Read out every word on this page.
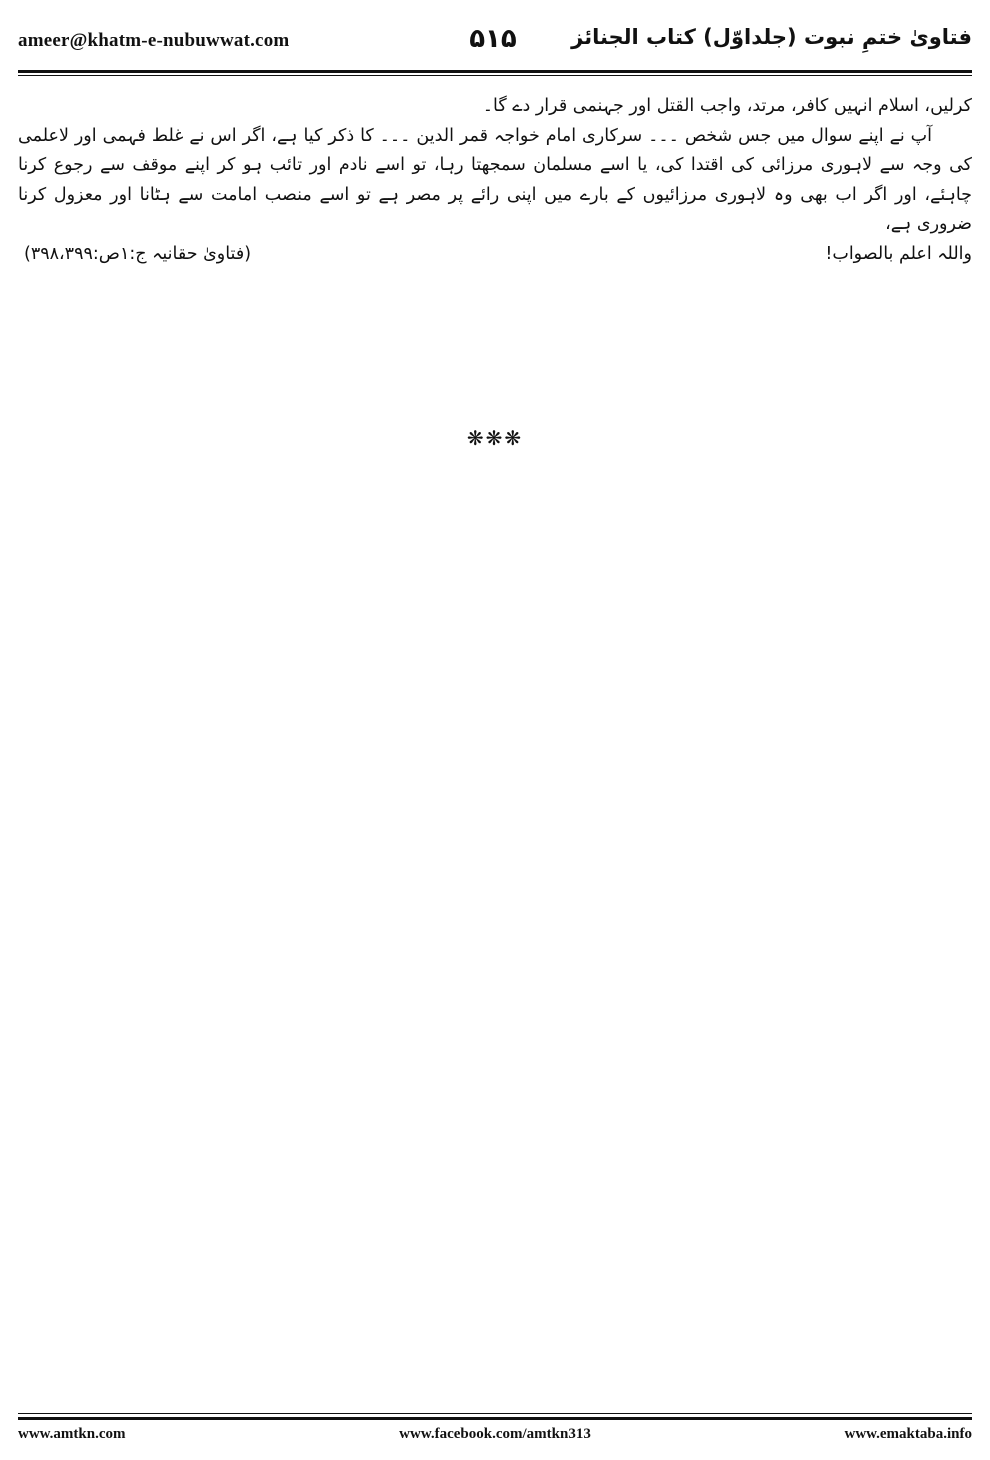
ameer@khatm-e-nubuwwat.com	۵۱۵	فتاویٰ ختمِ نبوت (جلداوّل) کتاب الجنائز

کرلیں، اسلام انہیں کافر، مرتد، واجب القتل اور جہنمی قرار دے گا۔

آپ نے اپنے سوال میں جس شخص ۔۔۔ سرکاری امام خواجہ قمر الدین ۔۔۔ کا ذکر کیا ہے، اگر اس نے غلط فہمی اور لاعلمی کی وجہ سے لاہوری مرزائی کی اقتدا کی، یا اسے مسلمان سمجھتا رہا، تو اسے نادم اور تائب ہو کر اپنے موقف سے رجوع کرنا چاہئے، اور اگر اب بھی وہ لاہوری مرزائیوں کے بارے میں اپنی رائے پر مصر ہے تو اسے منصب امامت سے ہٹانا اور معزول کرنا ضروری ہے،

واللہ اعلم بالصواب!
(فتاویٰ حقانیہ ج:۱ص:۳۹۸،۳۹۹)
❋❋❋
www.amtkn.com	www.facebook.com/amtkn313	www.emaktaba.info
